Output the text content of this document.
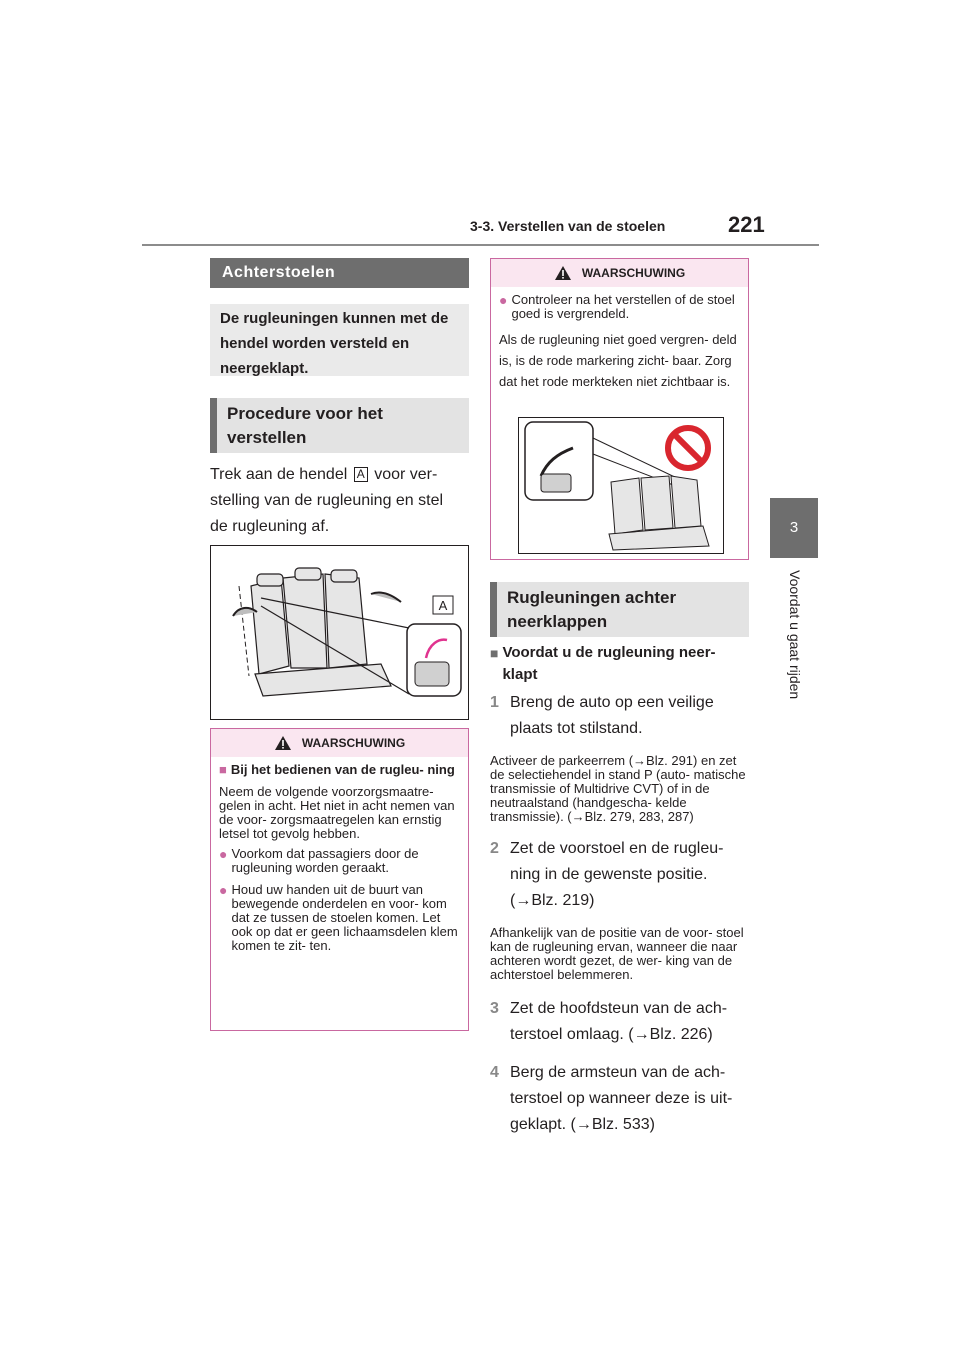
3-3. Verstellen van de stoelen	221
3
Voordat u gaat rijden
Achterstoelen
De rugleuningen kunnen met de hendel worden versteld en neergeklapt.
Procedure voor het verstellen
Trek aan de hendel A voor ver- stelling van de rugleuning en stel de rugleuning af.
A
WAARSCHUWING
■ Bij het bedienen van de rugleu- ning

Neem de volgende voorzorgsmaatre- gelen in acht. Het niet in acht nemen van de voor- zorgsmaatregelen kan ernstig letsel tot gevolg hebben.

● Voorkom dat passagiers door de rugleuning worden geraakt.
● Houd uw handen uit de buurt van bewegende onderdelen en voor- kom dat ze tussen de stoelen komen. Let ook op dat er geen lichaamsdelen klem komen te zit- ten.
WAARSCHUWING
● Controleer na het verstellen of de stoel goed is vergrendeld.

Als de rugleuning niet goed vergren- deld is, is de rode markering zicht- baar. Zorg dat het rode merkteken niet zichtbaar is.

Rugleuningen achter neerklappen
■ Voordat u de rugleuning neer- klapt
1 Breng de auto op een veilige plaats tot stilstand.
Activeer de parkeerrem (→Blz. 291) en zet de selectiehendel in stand P (auto- matische transmissie of Multidrive CVT) of in de neutraalstand (handgescha- kelde transmissie). (→Blz. 279, 283, 287)
2 Zet de voorstoel en de rugleu- ning in de gewenste positie. (→Blz. 219)
Afhankelijk van de positie van de voor- stoel kan de rugleuning ervan, wanneer die naar achteren wordt gezet, de wer- king van de achterstoel belemmeren.
3 Zet de hoofdsteun van de ach- terstoel omlaag. (→Blz. 226)
4 Berg de armsteun van de ach- terstoel op wanneer deze is uit- geklapt. (→Blz. 533)
